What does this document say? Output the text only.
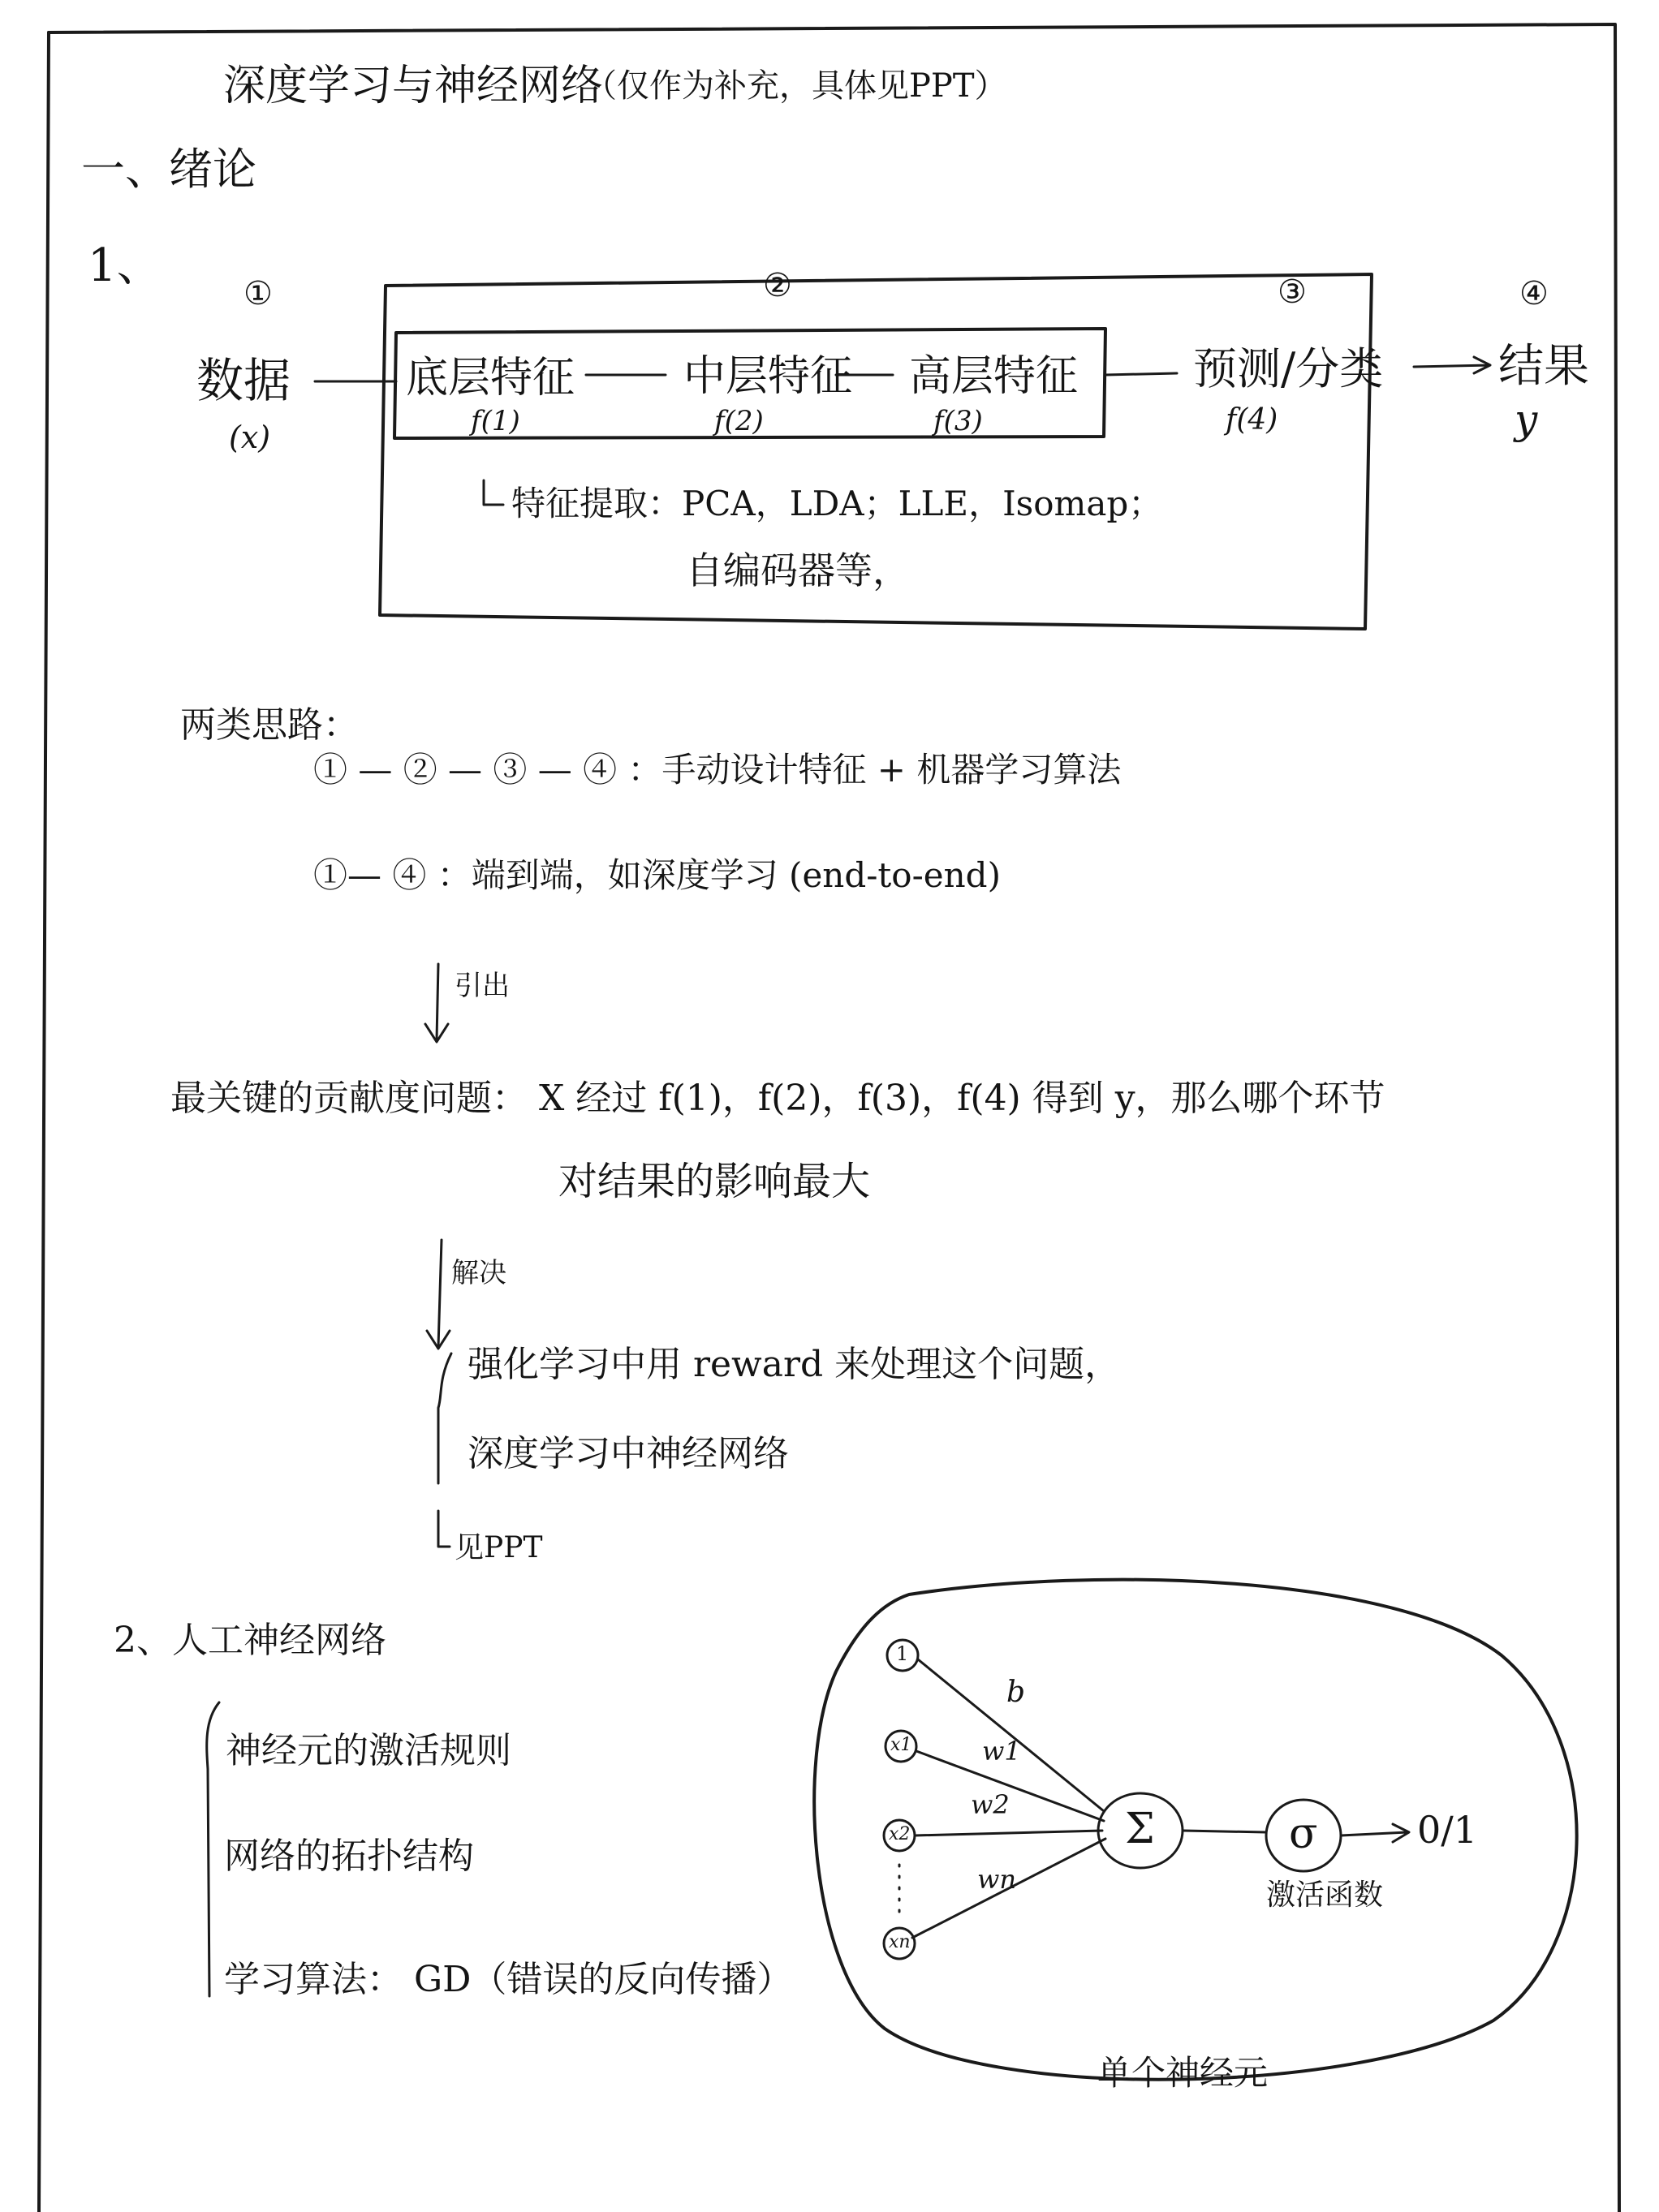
深度学习与神经网络
（仅作为补充，具体见PPT）
一、绪论
1、
①	②	③	④
数据
(x)
底层特征
f(1)
中层特征
f(2)
高层特征
f(3)
预测/分类
f(4)
结果
y
特征提取：PCA，LDA；LLE，Isomap；
自编码器等，
两类思路：
① — ② — ③ — ④ ：手动设计特征 + 机器学习算法
①— ④ ：端到端，如深度学习 (end-to-end)
引出
最关键的贡献度问题： X 经过 f(1)，f(2)，f(3)，f(4) 得到 y，那么哪个环节
对结果的影响最大
解决
强化学习中用 reward 来处理这个问题，
深度学习中神经网络
见PPT
2、人工神经网络
神经元的激活规则
网络的拓扑结构
学习算法： GD（错误的反向传播）
1
x1
x2
xn
b
w1
w2
wn
Σ	σ	0/1
激活函数
单个神经元
